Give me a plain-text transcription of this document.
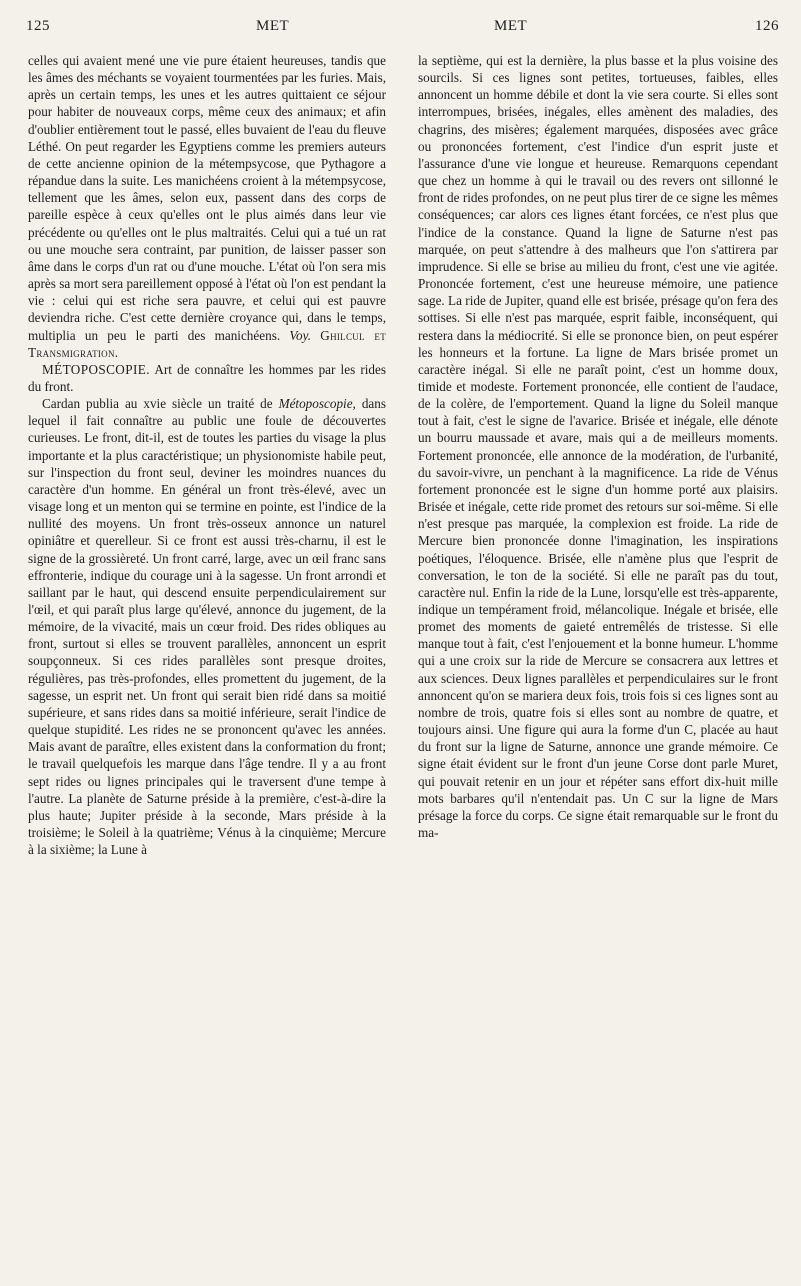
125	MET	MET	126

celles qui avaient mené une vie pure étaient heureuses, tandis que les âmes des méchants se voyaient tourmentées par les furies. Mais, après un certain temps, les unes et les autres quittaient ce séjour pour habiter de nouveaux corps, même ceux des animaux; et afin d'oublier entièrement tout le passé, elles buvaient de l'eau du fleuve Léthé. On peut regarder les Egyptiens comme les premiers auteurs de cette ancienne opinion de la métempsycose, que Pythagore a répandue dans la suite. Les manichéens croient à la métempsycose, tellement que les âmes, selon eux, passent dans des corps de pareille espèce à ceux qu'elles ont le plus aimés dans leur vie précédente ou qu'elles ont le plus maltraités. Celui qui a tué un rat ou une mouche sera contraint, par punition, de laisser passer son âme dans le corps d'un rat ou d'une mouche. L'état où l'on sera mis après sa mort sera pareillement opposé à l'état où l'on est pendant la vie : celui qui est riche sera pauvre, et celui qui est pauvre deviendra riche. C'est cette dernière croyance qui, dans le temps, multiplia un peu le parti des manichéens. Voy. Ghilcul et Transmigration.

MÉTOPOSCOPIE. Art de connaître les hommes par les rides du front.

Cardan publia au xvie siècle un traité de Métoposcopie, dans lequel il fait connaître au public une foule de découvertes curieuses. Le front, dit-il, est de toutes les parties du visage la plus importante et la plus caractéristique; un physionomiste habile peut, sur l'inspection du front seul, deviner les moindres nuances du caractère d'un homme. En général un front très-élevé, avec un visage long et un menton qui se termine en pointe, est l'indice de la nullité des moyens. Un front très-osseux annonce un naturel opiniâtre et querelleur. Si ce front est aussi très-charnu, il est le signe de la grossièreté. Un front carré, large, avec un œil franc sans effronterie, indique du courage uni à la sagesse. Un front arrondi et saillant par le haut, qui descend ensuite perpendiculairement sur l'œil, et qui paraît plus large qu'élevé, annonce du jugement, de la mémoire, de la vivacité, mais un cœur froid. Des rides obliques au front, surtout si elles se trouvent parallèles, annoncent un esprit soupçonneux. Si ces rides parallèles sont presque droites, régulières, pas très-profondes, elles promettent du jugement, de la sagesse, un esprit net. Un front qui serait bien ridé dans sa moitié supérieure, et sans rides dans sa moitié inférieure, serait l'indice de quelque stupidité. Les rides ne se prononcent qu'avec les années. Mais avant de paraître, elles existent dans la conformation du front; le travail quelquefois les marque dans l'âge tendre. Il y a au front sept rides ou lignes principales qui le traversent d'une tempe à l'autre. La planète de Saturne préside à la première, c'est-à-dire la plus haute; Jupiter préside à la seconde, Mars préside à la troisième; le Soleil à la quatrième; Vénus à la cinquième; Mercure à la sixième; la Lune à

la septième, qui est la dernière, la plus basse et la plus voisine des sourcils. Si ces lignes sont petites, tortueuses, faibles, elles annoncent un homme débile et dont la vie sera courte. Si elles sont interrompues, brisées, inégales, elles amènent des maladies, des chagrins, des misères; également marquées, disposées avec grâce ou prononcées fortement, c'est l'indice d'un esprit juste et l'assurance d'une vie longue et heureuse. Remarquons cependant que chez un homme à qui le travail ou des revers ont sillonné le front de rides profondes, on ne peut plus tirer de ce signe les mêmes conséquences; car alors ces lignes étant forcées, ce n'est plus que l'indice de la constance. Quand la ligne de Saturne n'est pas marquée, on peut s'attendre à des malheurs que l'on s'attirera par imprudence. Si elle se brise au milieu du front, c'est une vie agitée. Prononcée fortement, c'est une heureuse mémoire, une patience sage. La ride de Jupiter, quand elle est brisée, présage qu'on fera des sottises. Si elle n'est pas marquée, esprit faible, inconséquent, qui restera dans la médiocrité. Si elle se prononce bien, on peut espérer les honneurs et la fortune. La ligne de Mars brisée promet un caractère inégal. Si elle ne paraît point, c'est un homme doux, timide et modeste. Fortement prononcée, elle contient de l'audace, de la colère, de l'emportement. Quand la ligne du Soleil manque tout à fait, c'est le signe de l'avarice. Brisée et inégale, elle dénote un bourru maussade et avare, mais qui a de meilleurs moments. Fortement prononcée, elle annonce de la modération, de l'urbanité, du savoir-vivre, un penchant à la magnificence. La ride de Vénus fortement prononcée est le signe d'un homme porté aux plaisirs. Brisée et inégale, cette ride promet des retours sur soi-même. Si elle n'est presque pas marquée, la complexion est froide. La ride de Mercure bien prononcée donne l'imagination, les inspirations poétiques, l'éloquence. Brisée, elle n'amène plus que l'esprit de conversation, le ton de la société. Si elle ne paraît pas du tout, caractère nul. Enfin la ride de la Lune, lorsqu'elle est très-apparente, indique un tempérament froid, mélancolique. Inégale et brisée, elle promet des moments de gaieté entremêlés de tristesse. Si elle manque tout à fait, c'est l'enjouement et la bonne humeur. L'homme qui a une croix sur la ride de Mercure se consacrera aux lettres et aux sciences. Deux lignes parallèles et perpendiculaires sur le front annoncent qu'on se mariera deux fois, trois fois si ces lignes sont au nombre de trois, quatre fois si elles sont au nombre de quatre, et toujours ainsi. Une figure qui aura la forme d'un C, placée au haut du front sur la ligne de Saturne, annonce une grande mémoire. Ce signe était évident sur le front d'un jeune Corse dont parle Muret, qui pouvait retenir en un jour et répéter sans effort dix-huit mille mots barbares qu'il n'entendait pas. Un C sur la ligne de Mars présage la force du corps. Ce signe était remarquable sur le front du ma-
